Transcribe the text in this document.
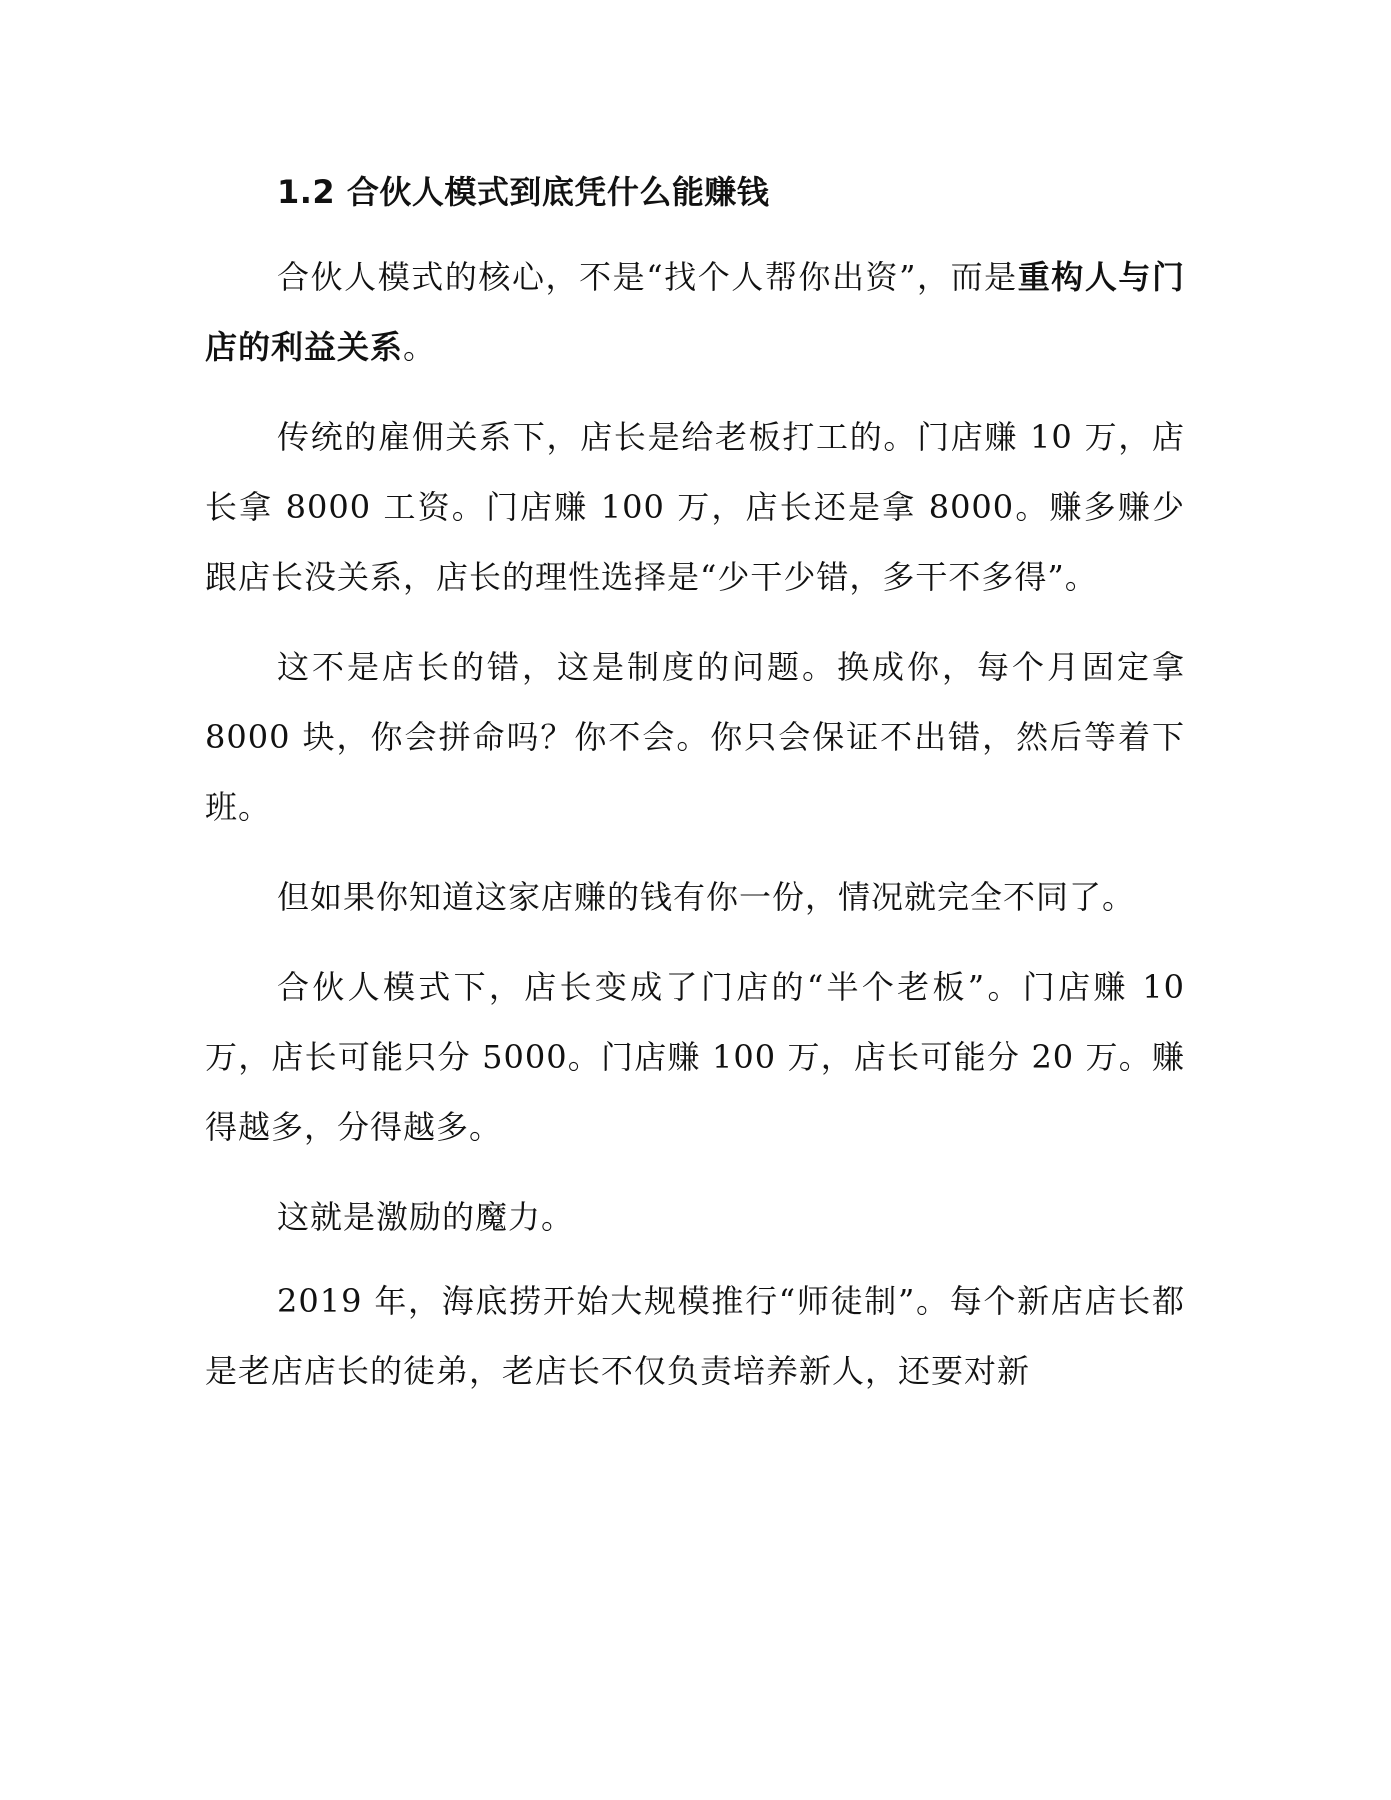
1.2 合伙人模式到底凭什么能赚钱

合伙人模式的核心，不是“找个人帮你出资”，而是重构人与门店的利益关系。

传统的雇佣关系下，店长是给老板打工的。门店赚 10 万，店长拿 8000 工资。门店赚 100 万，店长还是拿 8000。赚多赚少跟店长没关系，店长的理性选择是“少干少错，多干不多得”。

这不是店长的错，这是制度的问题。换成你，每个月固定拿 8000 块，你会拼命吗？你不会。你只会保证不出错，然后等着下班。

但如果你知道这家店赚的钱有你一份，情况就完全不同了。

合伙人模式下，店长变成了门店的“半个老板”。门店赚 10 万，店长可能只分 5000。门店赚 100 万，店长可能分 20 万。赚得越多，分得越多。

这就是激励的魔力。

2019 年，海底捞开始大规模推行“师徒制”。每个新店店长都是老店店长的徒弟，老店长不仅负责培养新人，还要对新
